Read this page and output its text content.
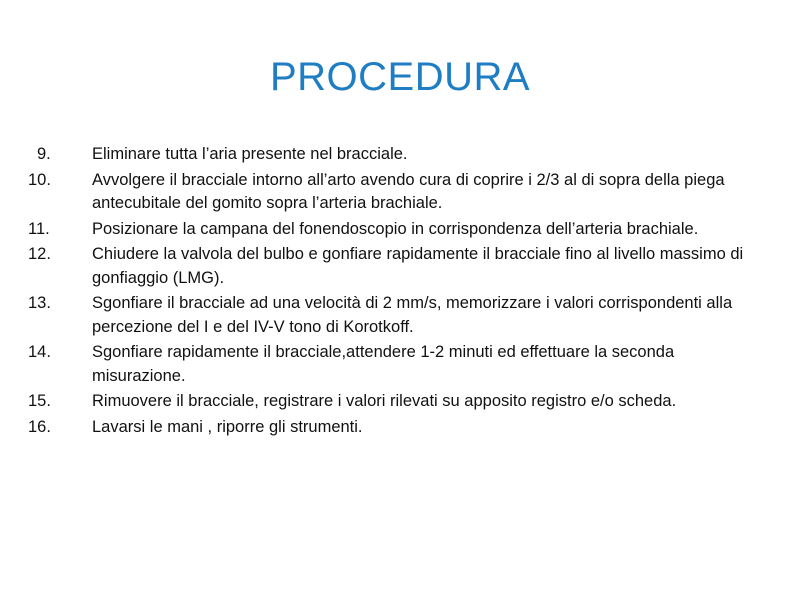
PROCEDURA
9.	Eliminare tutta l’aria presente nel bracciale.
10.	Avvolgere il bracciale intorno all’arto avendo cura di coprire i 2/3 al di sopra della piega antecubitale del gomito sopra l’arteria brachiale.
11.	Posizionare la campana del fonendoscopio in corrispondenza dell’arteria brachiale.
12.	Chiudere la valvola del bulbo e gonfiare rapidamente il bracciale fino al livello massimo di gonfiaggio (LMG).
13.	Sgonfiare il bracciale ad una velocità di 2 mm/s, memorizzare i valori corrispondenti alla percezione del I e del IV-V tono di Korotkoff.
14.	Sgonfiare rapidamente il bracciale,attendere 1-2 minuti ed effettuare la seconda misurazione.
15.	Rimuovere il bracciale, registrare i valori rilevati su apposito registro e/o scheda.
16.	Lavarsi le mani , riporre gli strumenti.
